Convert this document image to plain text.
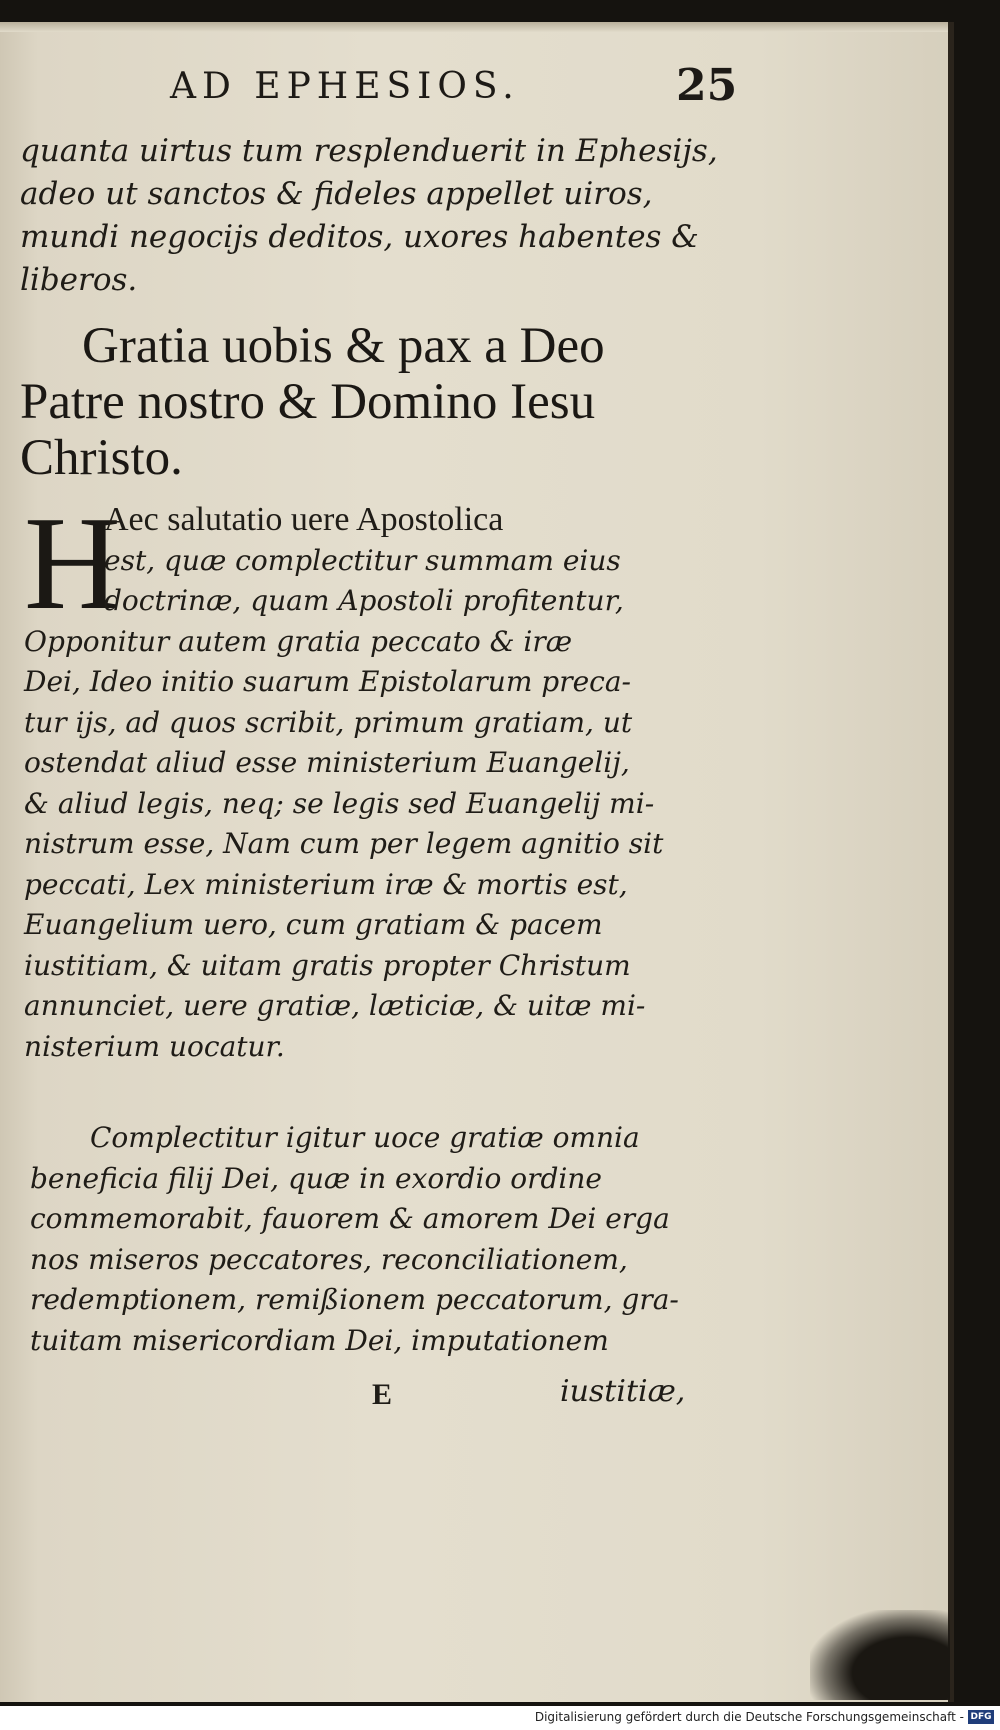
AD EPHESIOS.	25
quanta uirtus tum resplenduerit in Ephesijs,
adeo ut sanctos & fideles appellet uiros,
mundi negocijs deditos, uxores habentes &
liberos.
Gratia uobis & pax a Deo
Patre nostro & Domino Iesu
Christo.
H
Aec salutatio uere Apostolica
est, quæ complectitur summam eius
doctrinæ, quam Apostoli profitentur,
Opponitur autem gratia peccato & iræ
Dei, Ideo initio suarum Epistolarum preca-
tur ijs, ad quos scribit, primum gratiam, ut
ostendat aliud esse ministerium Euangelij,
& aliud legis, neq; se legis sed Euangelij mi-
nistrum esse, Nam cum per legem agnitio sit
peccati, Lex ministerium iræ & mortis est,
Euangelium uero, cum gratiam & pacem
iustitiam, & uitam gratis propter Christum
annunciet, uere gratiæ, læticiæ, & uitæ mi-
nisterium uocatur.
Complectitur igitur uoce gratiæ omnia
beneficia filij Dei, quæ in exordio ordine
commemorabit, fauorem & amorem Dei erga
nos miseros peccatores, reconciliationem,
redemptionem, remißionem peccatorum, gra-
tuitam misericordiam Dei, imputationem
E	iustitiæ,
Digitalisierung gefördert durch die Deutsche Forschungsgemeinschaft - DFG
